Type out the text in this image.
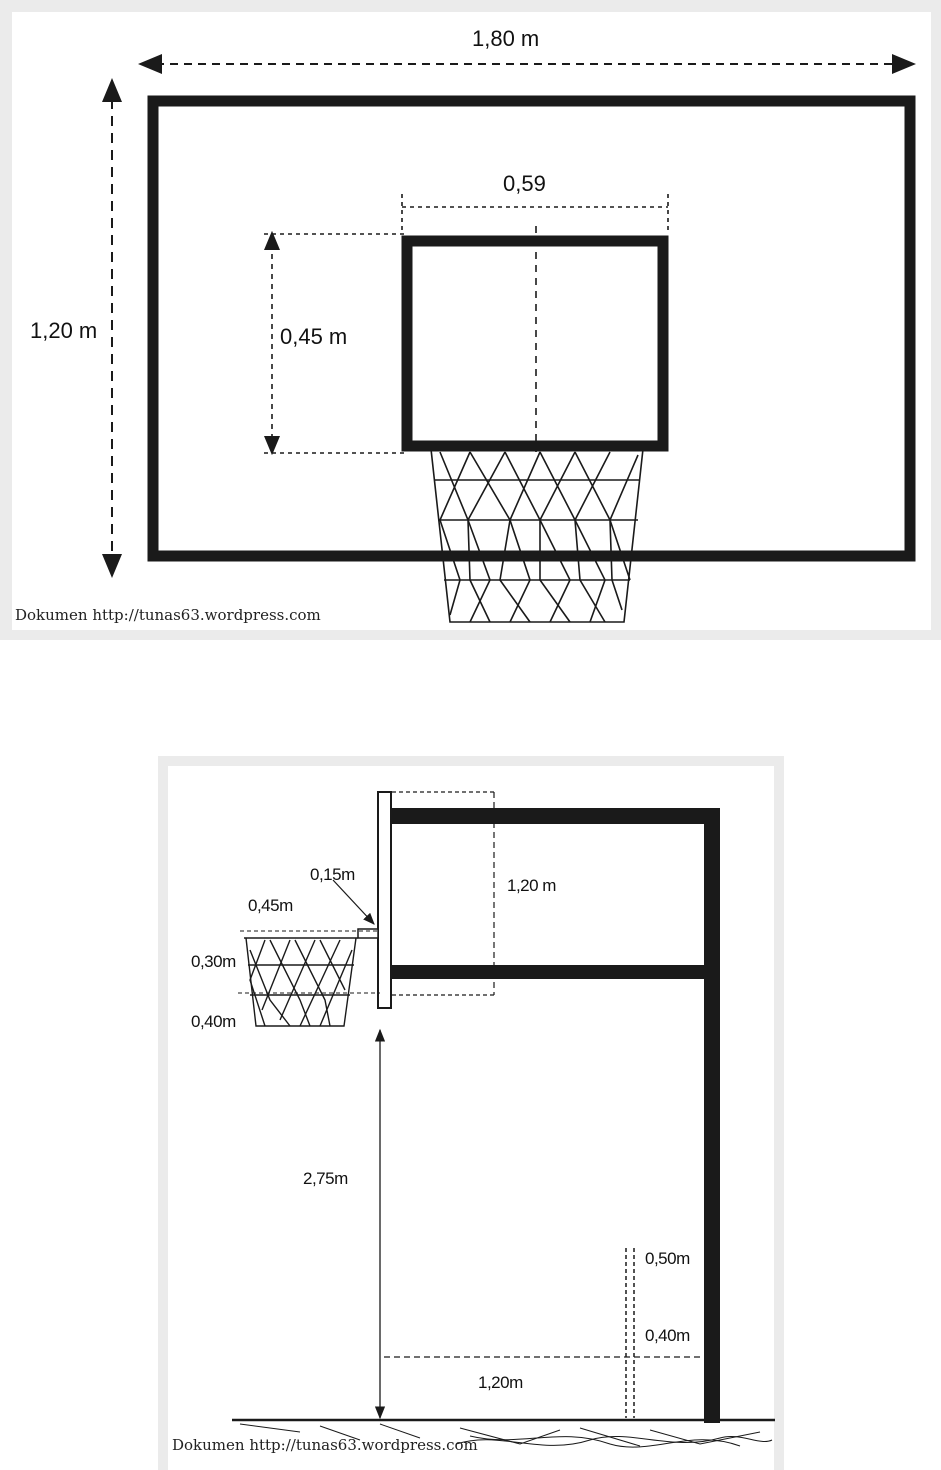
1,80 m
1,20 m
0,59
0,45 m
Dokumen http://tunas63.wordpress.com
0,15m
0,45m
0,30m
0,40m
1,20 m
2,75m
0,50m
0,40m
1,20m
Dokumen http://tunas63.wordpress.com
